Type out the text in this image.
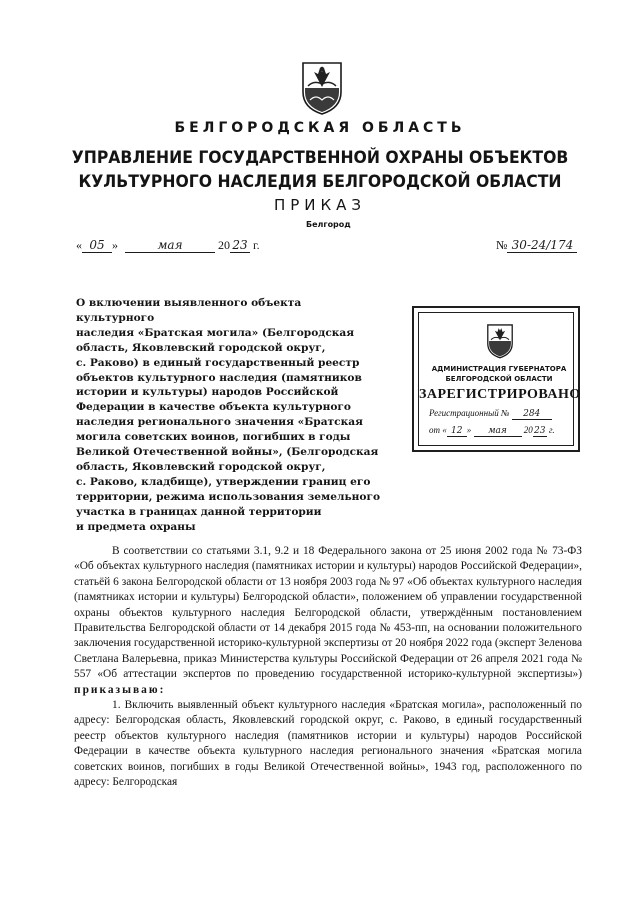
БЕЛГОРОДСКАЯ ОБЛАСТЬ
УПРАВЛЕНИЕ ГОСУДАРСТВЕННОЙ ОХРАНЫ ОБЪЕКТОВ
КУЛЬТУРНОГО НАСЛЕДИЯ БЕЛГОРОДСКОЙ ОБЛАСТИ
ПРИКАЗ
Белгород
« 05 »	мая	20 23 г.	№ 30-24/174

О включении выявленного объекта культурного
наследия «Братская могила» (Белгородская
область, Яковлевский городской округ,
с. Раково) в единый государственный реестр
объектов культурного наследия (памятников
истории и культуры) народов Российской
Федерации в качестве объекта культурного
наследия регионального значения «Братская
могила советских воинов, погибших в годы
Великой Отечественной войны», (Белгородская
область, Яковлевский городской округ,
с. Раково, кладбище), утверждении границ его
территории, режима использования земельного
участка в границах данной территории
и предмета охраны

АДМИНИСТРАЦИЯ ГУБЕРНАТОРА
БЕЛГОРОДСКОЙ ОБЛАСТИ
ЗАРЕГИСТРИРОВАНО
Регистрационный № 284
от « 12 » мая 2023 г.

В соответствии со статьями 3.1, 9.2 и 18 Федерального закона от 25 июня 2002 года № 73-ФЗ «Об объектах культурного наследия (памятниках истории и культуры) народов Российской Федерации», статьёй 6 закона Белгородской области от 13 ноября 2003 года № 97 «Об объектах культурного наследия (памятниках истории и культуры) Белгородской области», положением об управлении государственной охраны объектов культурного наследия Белгородской области, утверждённым постановлением Правительства Белгородской области от 14 декабря 2015 года № 453-пп, на основании положительного заключения государственной историко-культурной экспертизы от 20 ноября 2022 года (эксперт Зеленова Светлана Валерьевна, приказ Министерства культуры Российской Федерации от 26 апреля 2021 года № 557 «Об аттестации экспертов по проведению государственной историко-культурной экспертизы») приказываю:

1. Включить выявленный объект культурного наследия «Братская могила», расположенный по адресу: Белгородская область, Яковлевский городской округ, с. Раково, в единый государственный реестр объектов культурного наследия (памятников истории и культуры) народов Российской Федерации в качестве объекта культурного наследия регионального значения «Братская могила советских воинов, погибших в годы Великой Отечественной войны», 1943 год, расположенного по адресу: Белгородская
